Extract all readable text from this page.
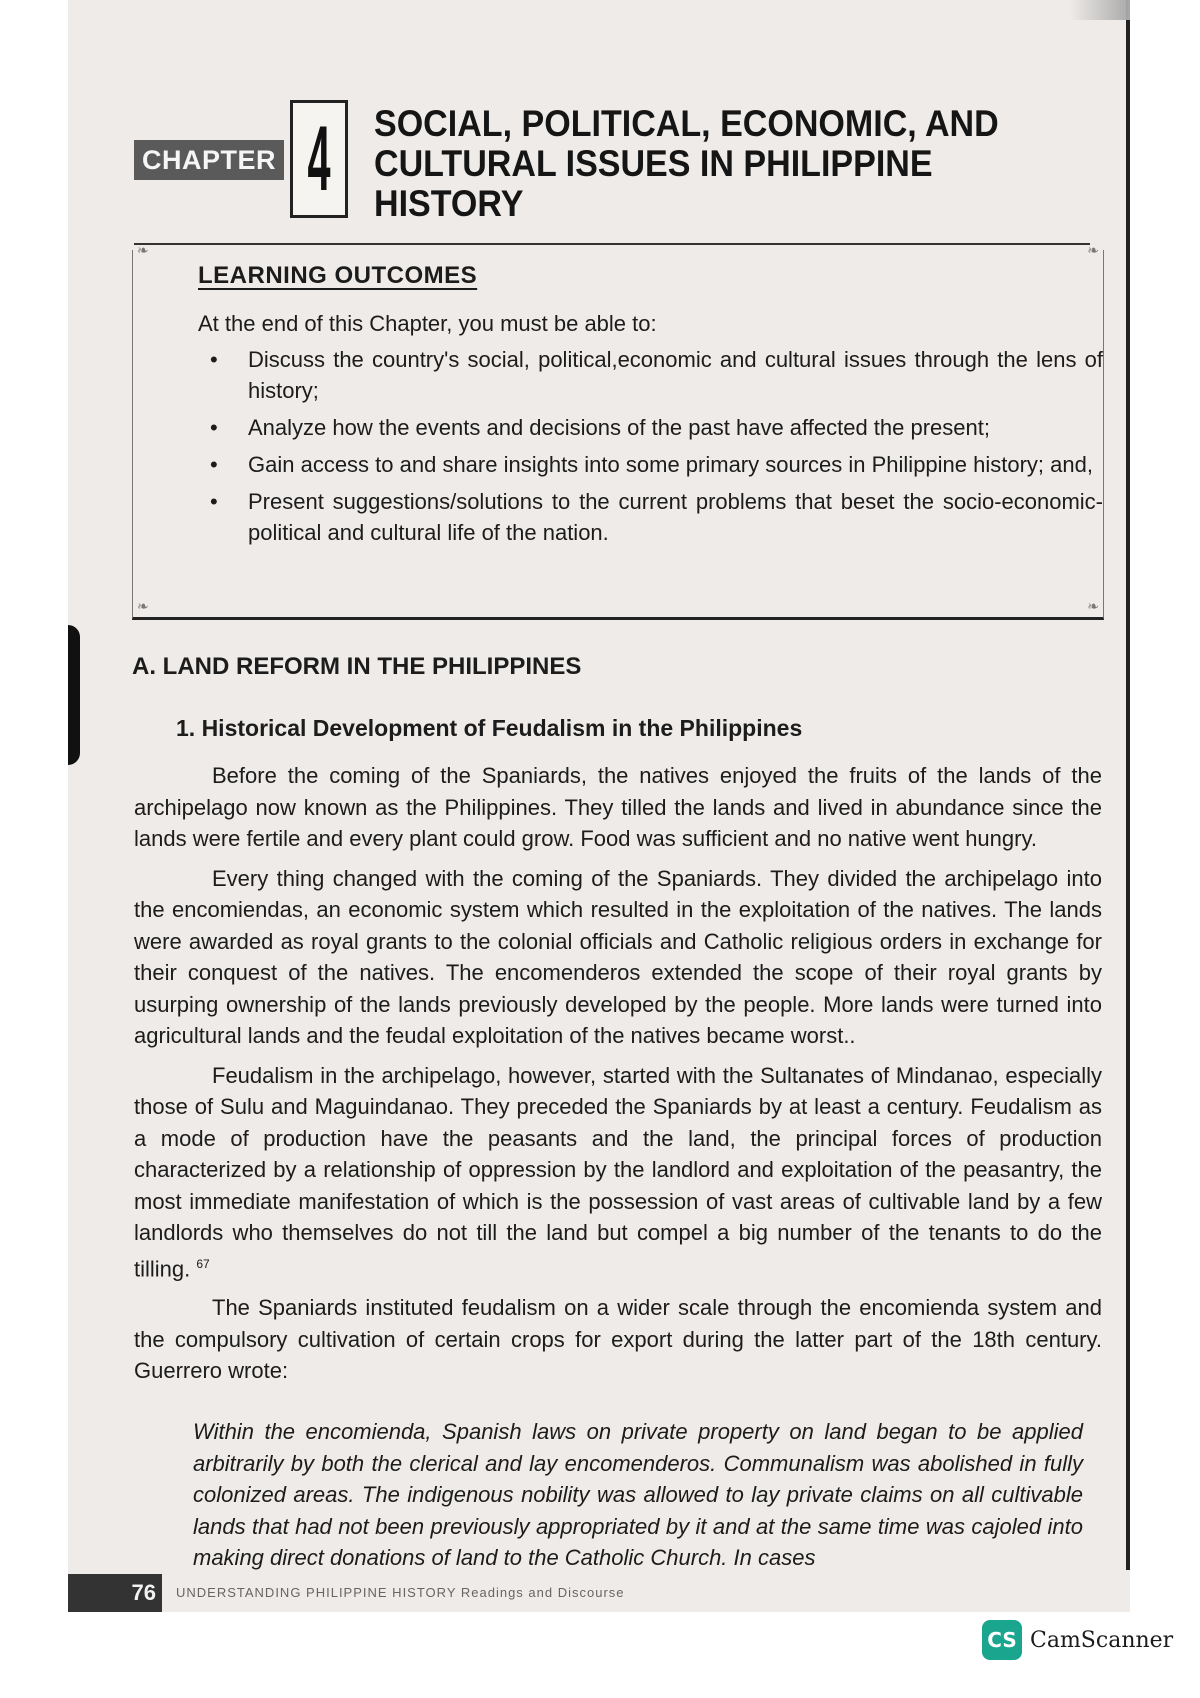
CHAPTER 4 SOCIAL, POLITICAL, ECONOMIC, AND CULTURAL ISSUES IN PHILIPPINE HISTORY
❧	❧
❧	❧
LEARNING OUTCOMES
At the end of this Chapter, you must be able to:
• Discuss the country's social, political,economic and cultural issues through the lens of history;
• Analyze how the events and decisions of the past have affected the present;
• Gain access to and share insights into some primary sources in Philippine history; and,
• Present suggestions/solutions to the current problems that beset the socio-economic-political and cultural life of the nation.
A. LAND REFORM IN THE PHILIPPINES
1. Historical Development of Feudalism in the Philippines

Before the coming of the Spaniards, the natives enjoyed the fruits of the lands of the archipelago now known as the Philippines. They tilled the lands and lived in abundance since the lands were fertile and every plant could grow. Food was sufficient and no native went hungry.

Every thing changed with the coming of the Spaniards. They divided the archipelago into the encomiendas, an economic system which resulted in the exploitation of the natives. The lands were awarded as royal grants to the colonial officials and Catholic religious orders in exchange for their conquest of the natives. The encomenderos extended the scope of their royal grants by usurping ownership of the lands previously developed by the people. More lands were turned into agricultural lands and the feudal exploitation of the natives became worst..

Feudalism in the archipelago, however, started with the Sultanates of Mindanao, especially those of Sulu and Maguindanao. They preceded the Spaniards by at least a century. Feudalism as a mode of production have the peasants and the land, the principal forces of production characterized by a relationship of oppression by the landlord and exploitation of the peasantry, the most immediate manifestation of which is the possession of vast areas of cultivable land by a few landlords who themselves do not till the land but compel a big number of the tenants to do the tilling. $^{67}$

The Spaniards instituted feudalism on a wider scale through the encomienda system and the compulsory cultivation of certain crops for export during the latter part of the 18th century. Guerrero wrote:

Within the encomienda, Spanish laws on private property on land began to be applied arbitrarily by both the clerical and lay encomenderos. Communalism was abolished in fully colonized areas. The indigenous nobility was allowed to lay private claims on all cultivable lands that had not been previously appropriated by it and at the same time was cajoled into making direct donations of land to the Catholic Church. In cases

76	UNDERSTANDING PHILIPPINE HISTORY Readings and Discourse
CS CamScanner
